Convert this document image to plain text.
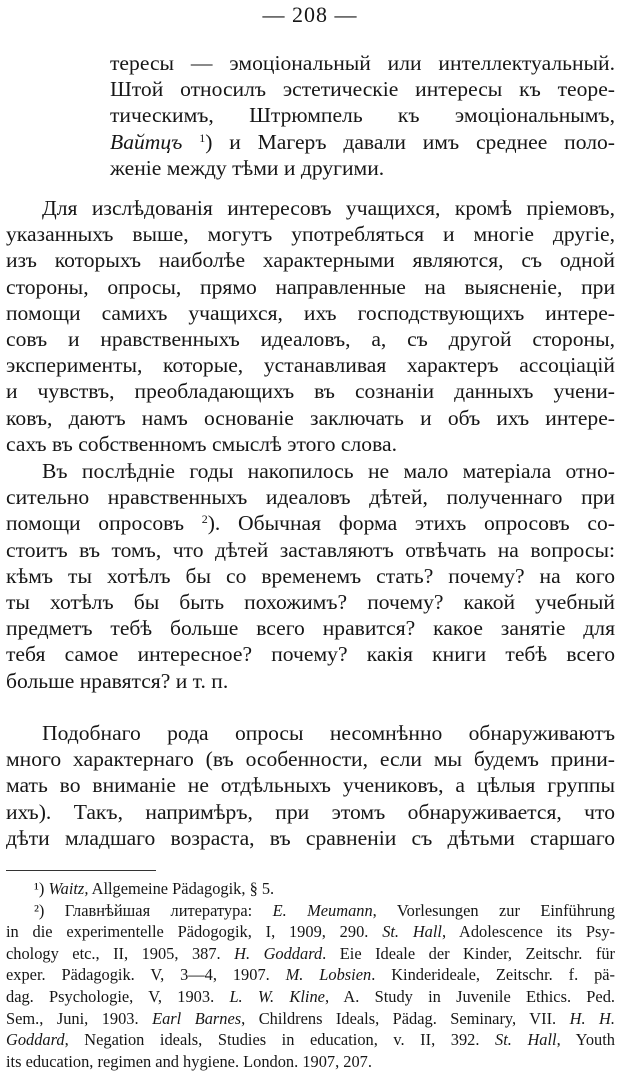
— 208 —
тересы — эмоціональный или интеллектуальный.
Штой относилъ эстетическіе интересы къ теоре-
тическимъ, Штрюмпель къ эмоціональнымъ,
Вайтцъ $^1$) и Магеръ давали имъ среднее поло-
женіе между тѣми и другими.
Для изслѣдованія интересовъ учащихся, кромѣ пріемовъ,
указанныхъ выше, могутъ употребляться и многіе другіе,
изъ которыхъ наиболѣе характерными являются, съ одной
стороны, опросы, прямо направленные на выясненіе, при
помощи самихъ учащихся, ихъ господствующихъ интере-
совъ и нравственныхъ идеаловъ, а, съ другой стороны,
эксперименты, которые, устанавливая характеръ ассоціацій
и чувствъ, преобладающихъ въ сознаніи данныхъ учени-
ковъ, даютъ намъ основаніе заключать и объ ихъ интере-
сахъ въ собственномъ смыслѣ этого слова.
Въ послѣдніе годы накопилось не мало матеріала отно-
сительно нравственныхъ идеаловъ дѣтей, полученнаго при
помощи опросовъ $^2$). Обычная форма этихъ опросовъ со-
стоитъ въ томъ, что дѣтей заставляютъ отвѣчать на вопросы:
кѣмъ ты хотѣлъ бы со временемъ стать? почему? на кого
ты хотѣлъ бы быть похожимъ? почему? какой учебный
предметъ тебѣ больше всего нравится? какое занятіе для
тебя самое интересное? почему? какія книги тебѣ всего
больше нравятся? и т. п.
Подобнаго рода опросы несомнѣнно обнаруживаютъ
много характернаго (въ особенности, если мы будемъ прини-
мать во вниманіе не отдѣльныхъ учениковъ, а цѣлыя группы
ихъ). Такъ, напримѣръ, при этомъ обнаруживается, что
дѣти младшаго возраста, въ сравненіи съ дѣтьми старшаго
¹) Waitz, Allgemeine Pädagogik, § 5.
²) Главнѣйшая литература: E. Meumann, Vorlesungen zur Einführung
in die experimentelle Pädogogik, I, 1909, 290. St. Hall, Adolescence its Psy-
chology etc., II, 1905, 387. H. Goddard. Eie Ideale der Kinder, Zeitschr. für
exper. Pädagogik. V, 3—4, 1907. M. Lobsien. Kinderideale, Zeitschr. f. pä-
dag. Psychologie, V, 1903. L. W. Kline, A. Study in Juvenile Ethics. Ped.
Sem., Juni, 1903. Earl Barnes, Childrens Ideals, Pädag. Seminary, VII. H. H.
Goddard, Negation ideals, Studies in education, v. II, 392. St. Hall, Youth
its education, regimen and hygiene. London. 1907, 207.
